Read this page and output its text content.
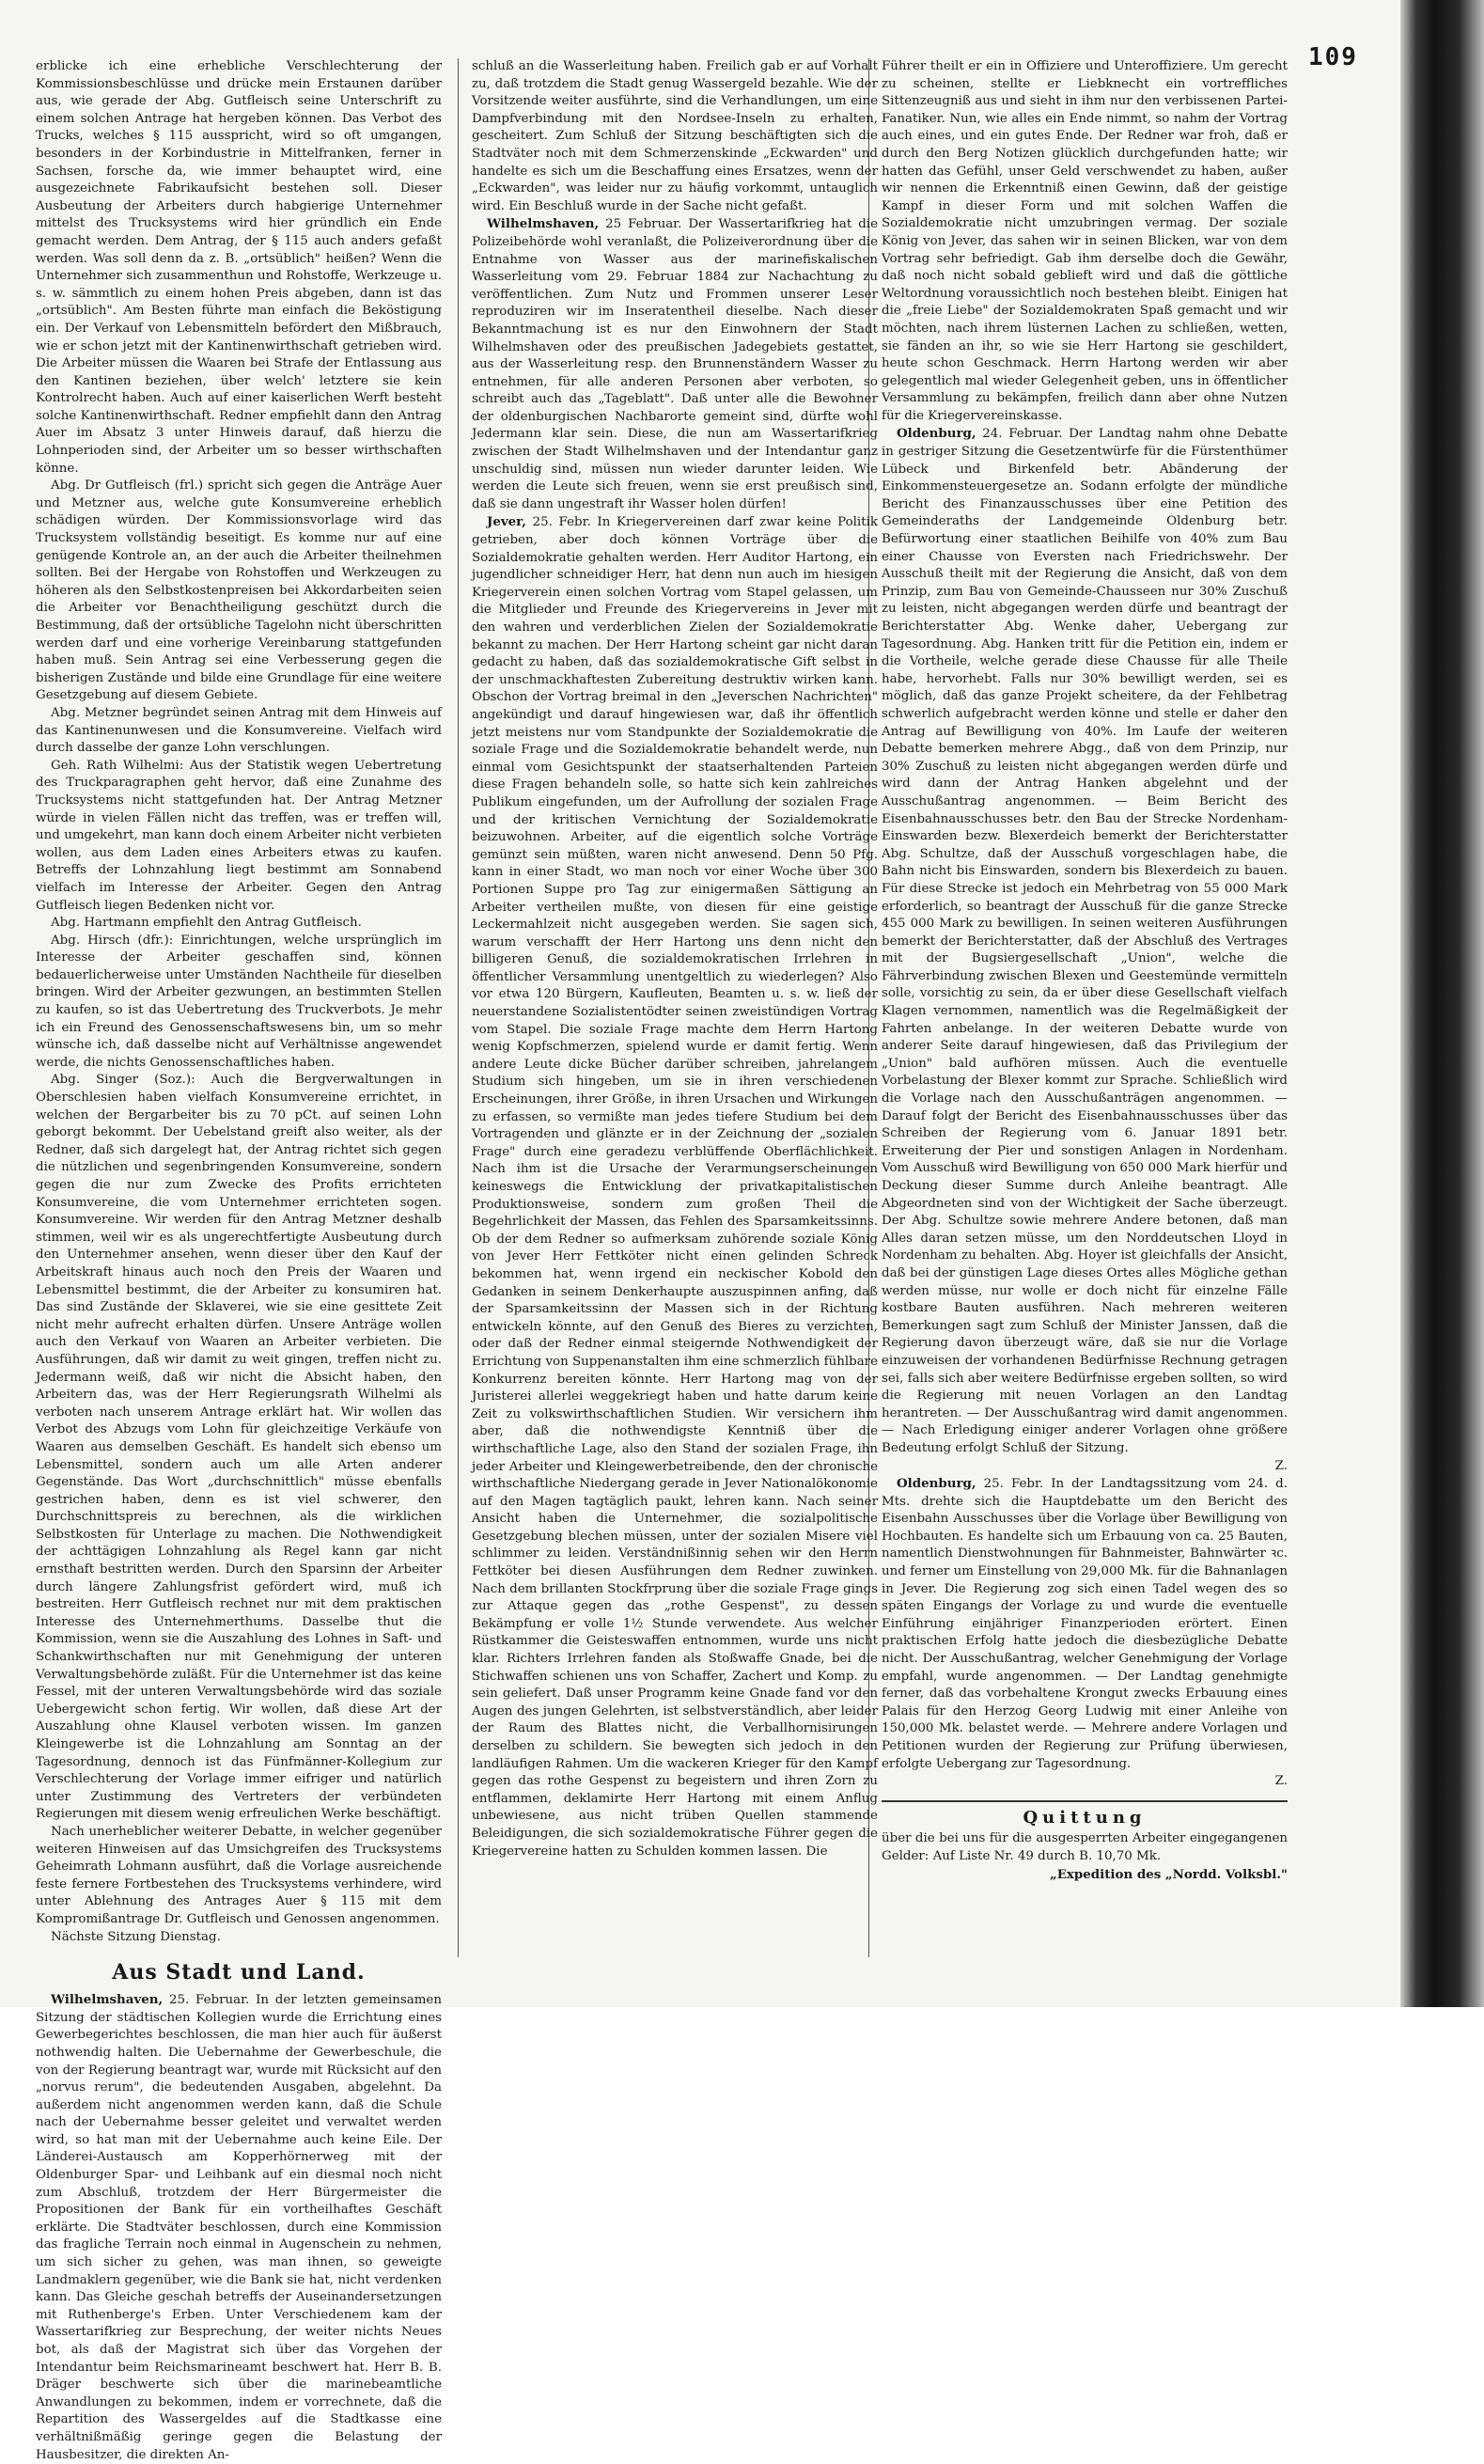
109

erblicke ich eine erhebliche Verschlechterung der Kommissionsbeschlüsse und drücke mein Erstaunen darüber aus, wie gerade der Abg. Gutfleisch seine Unterschrift zu einem solchen Antrage hat hergeben können. Das Verbot des Trucks, welches § 115 ausspricht, wird so oft umgangen, besonders in der Korbindustrie in Mittelfranken, ferner in Sachsen, forsche da, wie immer behauptet wird, eine ausgezeichnete Fabrikaufsicht bestehen soll. Dieser Ausbeutung der Arbeiters durch habgierige Unternehmer mittelst des Trucksystems wird hier gründlich ein Ende gemacht werden. Dem Antrag, der § 115 auch anders gefaßt werden. Was soll denn da z. B. „ortsüblich" heißen? Wenn die Unternehmer sich zusammenthun und Rohstoffe, Werkzeuge u. s. w. sämmtlich zu einem hohen Preis abgeben, dann ist das „ortsüblich". Am Besten führte man einfach die Beköstigung ein. Der Verkauf von Lebensmitteln befördert den Mißbrauch, wie er schon jetzt mit der Kantinenwirthschaft getrieben wird. Die Arbeiter müssen die Waaren bei Strafe der Entlassung aus den Kantinen beziehen, über welch' letztere sie kein Kontrolrecht haben. Auch auf einer kaiserlichen Werft besteht solche Kantinenwirthschaft. Redner empfiehlt dann den Antrag Auer im Absatz 3 unter Hinweis darauf, daß hierzu die Lohnperioden sind, der Arbeiter um so besser wirthschaften könne.

Abg. Dr Gutfleisch (frl.) spricht sich gegen die Anträge Auer und Metzner aus, welche gute Konsumvereine erheblich schädigen würden. Der Kommissionsvorlage wird das Trucksystem vollständig beseitigt. Es komme nur auf eine genügende Kontrole an, an der auch die Arbeiter theilnehmen sollten. Bei der Hergabe von Rohstoffen und Werkzeugen zu höheren als den Selbstkostenpreisen bei Akkordarbeiten seien die Arbeiter vor Benachtheiligung geschützt durch die Bestimmung, daß der ortsübliche Tagelohn nicht überschritten werden darf und eine vorherige Vereinbarung stattgefunden haben muß. Sein Antrag sei eine Verbesserung gegen die bisherigen Zustände und bilde eine Grundlage für eine weitere Gesetzgebung auf diesem Gebiete.

Abg. Metzner begründet seinen Antrag mit dem Hinweis auf das Kantinenunwesen und die Konsumvereine. Vielfach wird durch dasselbe der ganze Lohn verschlungen.

Geh. Rath Wilhelmi: Aus der Statistik wegen Uebertretung des Truckparagraphen geht hervor, daß eine Zunahme des Trucksystems nicht stattgefunden hat. Der Antrag Metzner würde in vielen Fällen nicht das treffen, was er treffen will, und umgekehrt, man kann doch einem Arbeiter nicht verbieten wollen, aus dem Laden eines Arbeiters etwas zu kaufen. Betreffs der Lohnzahlung liegt bestimmt am Sonnabend vielfach im Interesse der Arbeiter. Gegen den Antrag Gutfleisch liegen Bedenken nicht vor.

Abg. Hartmann empfiehlt den Antrag Gutfleisch.

Abg. Hirsch (dfr.): Einrichtungen, welche ursprünglich im Interesse der Arbeiter geschaffen sind, können bedauerlicherweise unter Umständen Nachtheile für dieselben bringen. Wird der Arbeiter gezwungen, an bestimmten Stellen zu kaufen, so ist das Uebertretung des Truckverbots. Je mehr ich ein Freund des Genossenschaftswesens bin, um so mehr wünsche ich, daß dasselbe nicht auf Verhältnisse angewendet werde, die nichts Genossenschaftliches haben.

Abg. Singer (Soz.): Auch die Bergverwaltungen in Oberschlesien haben vielfach Konsumvereine errichtet, in welchen der Bergarbeiter bis zu 70 pCt. auf seinen Lohn geborgt bekommt. Der Uebelstand greift also weiter, als der Redner, daß sich dargelegt hat, der Antrag richtet sich gegen die nützlichen und segenbringenden Konsumvereine, sondern gegen die nur zum Zwecke des Profits errichteten Konsumvereine, die vom Unternehmer errichteten sogen. Konsumvereine. Wir werden für den Antrag Metzner deshalb stimmen, weil wir es als ungerechtfertigte Ausbeutung durch den Unternehmer ansehen, wenn dieser über den Kauf der Arbeitskraft hinaus auch noch den Preis der Waaren und Lebensmittel bestimmt, die der Arbeiter zu konsumiren hat. Das sind Zustände der Sklaverei, wie sie eine gesittete Zeit nicht mehr aufrecht erhalten dürfen. Unsere Anträge wollen auch den Verkauf von Waaren an Arbeiter verbieten. Die Ausführungen, daß wir damit zu weit gingen, treffen nicht zu. Jedermann weiß, daß wir nicht die Absicht haben, den Arbeitern das, was der Herr Regierungsrath Wilhelmi als verboten nach unserem Antrage erklärt hat. Wir wollen das Verbot des Abzugs vom Lohn für gleichzeitige Verkäufe von Waaren aus demselben Geschäft. Es handelt sich ebenso um Lebensmittel, sondern auch um alle Arten anderer Gegenstände. Das Wort „durchschnittlich" müsse ebenfalls gestrichen haben, denn es ist viel schwerer, den Durchschnittspreis zu berechnen, als die wirklichen Selbstkosten für Unterlage zu machen. Die Nothwendigkeit der achttägigen Lohnzahlung als Regel kann gar nicht ernsthaft bestritten werden. Durch den Sparsinn der Arbeiter durch längere Zahlungsfrist gefördert wird, muß ich bestreiten. Herr Gutfleisch rechnet nur mit dem praktischen Interesse des Unternehmerthums. Dasselbe thut die Kommission, wenn sie die Auszahlung des Lohnes in Saft- und Schankwirthschaften nur mit Genehmigung der unteren Verwaltungsbehörde zuläßt. Für die Unternehmer ist das keine Fessel, mit der unteren Verwaltungsbehörde wird das soziale Uebergewicht schon fertig. Wir wollen, daß diese Art der Auszahlung ohne Klausel verboten wissen. Im ganzen Kleingewerbe ist die Lohnzahlung am Sonntag an der Tagesordnung, dennoch ist das Fünfmänner-Kollegium zur Verschlechterung der Vorlage immer eifriger und natürlich unter Zustimmung des Vertreters der verbündeten Regierungen mit diesem wenig erfreulichen Werke beschäftigt.

Nach unerheblicher weiterer Debatte, in welcher gegenüber weiteren Hinweisen auf das Umsichgreifen des Trucksystems Geheimrath Lohmann ausführt, daß die Vorlage ausreichende feste fernere Fortbestehen des Trucksystems verhindere, wird unter Ablehnung des Antrages Auer § 115 mit dem Kompromißantrage Dr. Gutfleisch und Genossen angenommen.

Nächste Sitzung Dienstag.

Aus Stadt und Land.

Wilhelmshaven, 25. Februar. In der letzten gemeinsamen Sitzung der städtischen Kollegien wurde die Errichtung eines Gewerbegerichtes beschlossen, die man hier auch für äußerst nothwendig halten. Die Uebernahme der Gewerbeschule, die von der Regierung beantragt war, wurde mit Rücksicht auf den „norvus rerum", die bedeutenden Ausgaben, abgelehnt. Da außerdem nicht angenommen werden kann, daß die Schule nach der Uebernahme besser geleitet und verwaltet werden wird, so hat man mit der Uebernahme auch keine Eile. Der Länderei-Austausch am Kopperhörnerweg mit der Oldenburger Spar- und Leihbank auf ein diesmal noch nicht zum Abschluß, trotzdem der Herr Bürgermeister die Propositionen der Bank für ein vortheilhaftes Geschäft erklärte. Die Stadtväter beschlossen, durch eine Kommission das fragliche Terrain noch einmal in Augenschein zu nehmen, um sich sicher zu gehen, was man ihnen, so geweigte Landmaklern gegenüber, wie die Bank sie hat, nicht verdenken kann. Das Gleiche geschah betreffs der Auseinandersetzungen mit Ruthenberge's Erben. Unter Verschiedenem kam der Wassertarifkrieg zur Besprechung, der weiter nichts Neues bot, als daß der Magistrat sich über das Vorgehen der Intendantur beim Reichsmarineamt beschwert hat. Herr B. B. Dräger beschwerte sich über die marinebeamtliche Anwandlungen zu bekommen, indem er vorrechnete, daß die Repartition des Wassergeldes auf die Stadtkasse eine verhältnißmäßig geringe gegen die Belastung der Hausbesitzer, die direkten An-

schluß an die Wasserleitung haben. Freilich gab er auf Vorhalt zu, daß trotzdem die Stadt genug Wassergeld bezahle. Wie der Vorsitzende weiter ausführte, sind die Verhandlungen, um eine Dampfverbindung mit den Nordsee-Inseln zu erhalten, gescheitert. Zum Schluß der Sitzung beschäftigten sich die Stadtväter noch mit dem Schmerzenskinde „Eckwarden" und handelte es sich um die Beschaffung eines Ersatzes, wenn der „Eckwarden", was leider nur zu häufig vorkommt, untauglich wird. Ein Beschluß wurde in der Sache nicht gefaßt.

Wilhelmshaven, 25 Februar. Der Wassertarifkrieg hat die Polizeibehörde wohl veranlaßt, die Polizeiverordnung über die Entnahme von Wasser aus der marinefiskalischen Wasserleitung vom 29. Februar 1884 zur Nachachtung zu veröffentlichen. Zum Nutz und Frommen unserer Leser reproduziren wir im Inseratentheil dieselbe. Nach dieser Bekanntmachung ist es nur den Einwohnern der Stadt Wilhelmshaven oder des preußischen Jadegebiets gestattet, aus der Wasserleitung resp. den Brunnenständern Wasser zu entnehmen, für alle anderen Personen aber verboten, so schreibt auch das „Tageblatt". Daß unter alle die Bewohner der oldenburgischen Nachbarorte gemeint sind, dürfte wohl Jedermann klar sein. Diese, die nun am Wassertarifkrieg zwischen der Stadt Wilhelmshaven und der Intendantur ganz unschuldig sind, müssen nun wieder darunter leiden. Wie werden die Leute sich freuen, wenn sie erst preußisch sind, daß sie dann ungestraft ihr Wasser holen dürfen!

Jever, 25. Febr. In Kriegervereinen darf zwar keine Politik getrieben, aber doch können Vorträge über die Sozialdemokratie gehalten werden. Herr Auditor Hartong, ein jugendlicher schneidiger Herr, hat denn nun auch im hiesigen Kriegerverein einen solchen Vortrag vom Stapel gelassen, um die Mitglieder und Freunde des Kriegervereins in Jever mit den wahren und verderblichen Zielen der Sozialdemokratie bekannt zu machen. Der Herr Hartong scheint gar nicht daran gedacht zu haben, daß das sozialdemokratische Gift selbst in der unschmackhaftesten Zubereitung destruktiv wirken kann. Obschon der Vortrag breimal in den „Jeverschen Nachrichten" angekündigt und darauf hingewiesen war, daß ihr öffentlich jetzt meistens nur vom Standpunkte der Sozialdemokratie die soziale Frage und die Sozialdemokratie behandelt werde, nun einmal vom Gesichtspunkt der staatserhaltenden Parteien diese Fragen behandeln solle, so hatte sich kein zahlreiches Publikum eingefunden, um der Aufrollung der sozialen Frage und der kritischen Vernichtung der Sozialdemokratie beizuwohnen. Arbeiter, auf die eigentlich solche Vorträge gemünzt sein müßten, waren nicht anwesend. Denn 50 Pfg. kann in einer Stadt, wo man noch vor einer Woche über 300 Portionen Suppe pro Tag zur einigermaßen Sättigung an Arbeiter vertheilen mußte, von diesen für eine geistige Leckermahlzeit nicht ausgegeben werden. Sie sagen sich, warum verschafft der Herr Hartong uns denn nicht den billigeren Genuß, die sozialdemokratischen Irrlehren in öffentlicher Versammlung unentgeltlich zu wiederlegen? Also vor etwa 120 Bürgern, Kaufleuten, Beamten u. s. w. ließ der neuerstandene Sozialistentödter seinen zweistündigen Vortrag vom Stapel. Die soziale Frage machte dem Herrn Hartong wenig Kopfschmerzen, spielend wurde er damit fertig. Wenn andere Leute dicke Bücher darüber schreiben, jahrelangem Studium sich hingeben, um sie in ihren verschiedenen Erscheinungen, ihrer Größe, in ihren Ursachen und Wirkungen zu erfassen, so vermißte man jedes tiefere Studium bei dem Vortragenden und glänzte er in der Zeichnung der „sozialen Frage" durch eine geradezu verblüffende Oberflächlichkeit. Nach ihm ist die Ursache der Verarmungserscheinungen keineswegs die Entwicklung der privatkapitalistischen Produktionsweise, sondern zum großen Theil die Begehrlichkeit der Massen, das Fehlen des Sparsamkeitssinns. Ob der dem Redner so aufmerksam zuhörende soziale König von Jever Herr Fettköter nicht einen gelinden Schreck bekommen hat, wenn irgend ein neckischer Kobold den Gedanken in seinem Denkerhaupte auszuspinnen anfing, daß der Sparsamkeitssinn der Massen sich in der Richtung entwickeln könnte, auf den Genuß des Bieres zu verzichten, oder daß der Redner einmal steigernde Nothwendigkeit der Errichtung von Suppenanstalten ihm eine schmerzlich fühlbare Konkurrenz bereiten könnte. Herr Hartong mag von der Juristerei allerlei weggekriegt haben und hatte darum keine Zeit zu volkswirthschaftlichen Studien. Wir versichern ihm aber, daß die nothwendigste Kenntniß über die wirthschaftliche Lage, also den Stand der sozialen Frage, ihn jeder Arbeiter und Kleingewerbetreibende, den der chronische wirthschaftliche Niedergang gerade in Jever Nationalökonomie auf den Magen tagtäglich paukt, lehren kann. Nach seiner Ansicht haben die Unternehmer, die sozialpolitische Gesetzgebung blechen müssen, unter der sozialen Misere viel schlimmer zu leiden. Verständnißinnig sehen wir den Herrn Fettköter bei diesen Ausführungen dem Redner zuwinken. Nach dem brillanten Stockfrprung über die soziale Frage gings zur Attaque gegen das „rothe Gespenst", zu dessen Bekämpfung er volle 1½ Stunde verwendete. Aus welcher Rüstkammer die Geisteswaffen entnommen, wurde uns nicht klar. Richters Irrlehren fanden als Stoßwaffe Gnade, bei die Stichwaffen schienen uns von Schaffer, Zachert und Komp. zu sein geliefert. Daß unser Programm keine Gnade fand vor den Augen des jungen Gelehrten, ist selbstverständlich, aber leider der Raum des Blattes nicht, die Verballhornisirungen derselben zu schildern. Sie bewegten sich jedoch in den landläufigen Rahmen. Um die wackeren Krieger für den Kampf gegen das rothe Gespenst zu begeistern und ihren Zorn zu entflammen, deklamirte Herr Hartong mit einem Anflug unbewiesene, aus nicht trüben Quellen stammende Beleidigungen, die sich sozialdemokratische Führer gegen die Kriegervereine hatten zu Schulden kommen lassen. Die

Führer theilt er ein in Offiziere und Unteroffiziere. Um gerecht zu scheinen, stellte er Liebknecht ein vortreffliches Sittenzeugniß aus und sieht in ihm nur den verbissenen Partei-Fanatiker. Nun, wie alles ein Ende nimmt, so nahm der Vortrag auch eines, und ein gutes Ende. Der Redner war froh, daß er durch den Berg Notizen glücklich durchgefunden hatte; wir hatten das Gefühl, unser Geld verschwendet zu haben, außer wir nennen die Erkenntniß einen Gewinn, daß der geistige Kampf in dieser Form und mit solchen Waffen die Sozialdemokratie nicht umzubringen vermag. Der soziale König von Jever, das sahen wir in seinen Blicken, war von dem Vortrag sehr befriedigt. Gab ihm derselbe doch die Gewähr, daß noch nicht sobald geblieft wird und daß die göttliche Weltordnung voraussichtlich noch bestehen bleibt. Einigen hat die „freie Liebe" der Sozialdemokraten Spaß gemacht und wir möchten, nach ihrem lüsternen Lachen zu schließen, wetten, sie fänden an ihr, so wie sie Herr Hartong sie geschildert, heute schon Geschmack. Herrn Hartong werden wir aber gelegentlich mal wieder Gelegenheit geben, uns in öffentlicher Versammlung zu bekämpfen, freilich dann aber ohne Nutzen für die Kriegervereinskasse.

Oldenburg, 24. Februar. Der Landtag nahm ohne Debatte in gestriger Sitzung die Gesetzentwürfe für die Fürstenthümer Lübeck und Birkenfeld betr. Abänderung der Einkommensteuergesetze an. Sodann erfolgte der mündliche Bericht des Finanzausschusses über eine Petition des Gemeinderaths der Landgemeinde Oldenburg betr. Befürwortung einer staatlichen Beihilfe von 40% zum Bau einer Chausse von Eversten nach Friedrichswehr. Der Ausschuß theilt mit der Regierung die Ansicht, daß von dem Prinzip, zum Bau von Gemeinde-Chausseen nur 30% Zuschuß zu leisten, nicht abgegangen werden dürfe und beantragt der Berichterstatter Abg. Wenke daher, Uebergang zur Tagesordnung. Abg. Hanken tritt für die Petition ein, indem er die Vortheile, welche gerade diese Chausse für alle Theile habe, hervorhebt. Falls nur 30% bewilligt werden, sei es möglich, daß das ganze Projekt scheitere, da der Fehlbetrag schwerlich aufgebracht werden könne und stelle er daher den Antrag auf Bewilligung von 40%. Im Laufe der weiteren Debatte bemerken mehrere Abgg., daß von dem Prinzip, nur 30% Zuschuß zu leisten nicht abgegangen werden dürfe und wird dann der Antrag Hanken abgelehnt und der Ausschußantrag angenommen. — Beim Bericht des Eisenbahnausschusses betr. den Bau der Strecke Nordenham-Einswarden bezw. Blexerdeich bemerkt der Berichterstatter Abg. Schultze, daß der Ausschuß vorgeschlagen habe, die Bahn nicht bis Einswarden, sondern bis Blexerdeich zu bauen. Für diese Strecke ist jedoch ein Mehrbetrag von 55 000 Mark erforderlich, so beantragt der Ausschuß für die ganze Strecke 455 000 Mark zu bewilligen. In seinen weiteren Ausführungen bemerkt der Berichterstatter, daß der Abschluß des Vertrages mit der Bugsiergesellschaft „Union", welche die Fährverbindung zwischen Blexen und Geestemünde vermitteln solle, vorsichtig zu sein, da er über diese Gesellschaft vielfach Klagen vernommen, namentlich was die Regelmäßigkeit der Fahrten anbelange. In der weiteren Debatte wurde von anderer Seite darauf hingewiesen, daß das Privilegium der „Union" bald aufhören müssen. Auch die eventuelle Vorbelastung der Blexer kommt zur Sprache. Schließlich wird die Vorlage nach den Ausschußanträgen angenommen. — Darauf folgt der Bericht des Eisenbahnausschusses über das Schreiben der Regierung vom 6. Januar 1891 betr. Erweiterung der Pier und sonstigen Anlagen in Nordenham. Vom Ausschuß wird Bewilligung von 650 000 Mark hierfür und Deckung dieser Summe durch Anleihe beantragt. Alle Abgeordneten sind von der Wichtigkeit der Sache überzeugt. Der Abg. Schultze sowie mehrere Andere betonen, daß man Alles daran setzen müsse, um den Norddeutschen Lloyd in Nordenham zu behalten. Abg. Hoyer ist gleichfalls der Ansicht, daß bei der günstigen Lage dieses Ortes alles Mögliche gethan werden müsse, nur wolle er doch nicht für einzelne Fälle kostbare Bauten ausführen. Nach mehreren weiteren Bemerkungen sagt zum Schluß der Minister Janssen, daß die Regierung davon überzeugt wäre, daß sie nur die Vorlage einzuweisen der vorhandenen Bedürfnisse Rechnung getragen sei, falls sich aber weitere Bedürfnisse ergeben sollten, so wird die Regierung mit neuen Vorlagen an den Landtag herantreten. — Der Ausschußantrag wird damit angenommen. — Nach Erledigung einiger anderer Vorlagen ohne größere Bedeutung erfolgt Schluß der Sitzung.

Z.

Oldenburg, 25. Febr. In der Landtagssitzung vom 24. d. Mts. drehte sich die Hauptdebatte um den Bericht des Eisenbahn Ausschusses über die Vorlage über Bewilligung von Hochbauten. Es handelte sich um Erbauung von ca. 25 Bauten, namentlich Dienstwohnungen für Bahnmeister, Bahnwärter ꝛc. und ferner um Einstellung von 29,000 Mk. für die Bahnanlagen in Jever. Die Regierung zog sich einen Tadel wegen des so späten Eingangs der Vorlage zu und wurde die eventuelle Einführung einjähriger Finanzperioden erörtert. Einen praktischen Erfolg hatte jedoch die diesbezügliche Debatte nicht. Der Ausschußantrag, welcher Genehmigung der Vorlage empfahl, wurde angenommen. — Der Landtag genehmigte ferner, daß das vorbehaltene Krongut zwecks Erbauung eines Palais für den Herzog Georg Ludwig mit einer Anleihe von 150,000 Mk. belastet werde. — Mehrere andere Vorlagen und Petitionen wurden der Regierung zur Prüfung überwiesen, erfolgte Uebergang zur Tagesordnung.

Z.
Quittung
über die bei uns für die ausgesperrten Arbeiter eingegangenen Gelder: Auf Liste Nr. 49 durch B. 10,70 Mk.
„Expedition des „Nordd. Volksbl."
